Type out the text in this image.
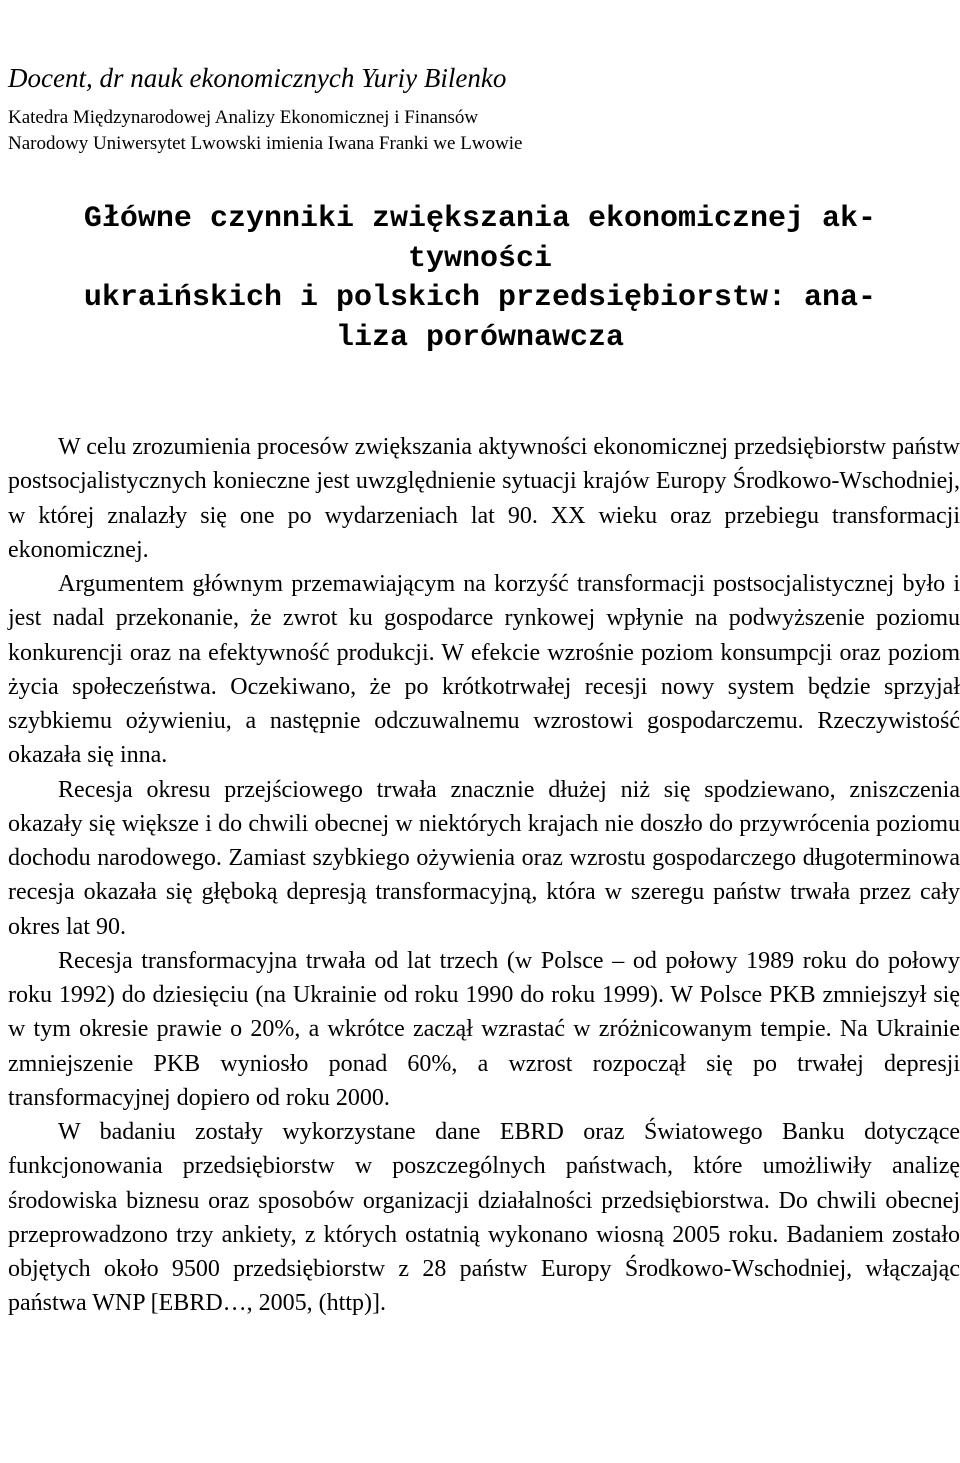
Docent, dr nauk ekonomicznych Yuriy Bilenko
Katedra Międzynarodowej Analizy Ekonomicznej i Finansów
Narodowy Uniwersytet Lwowski imienia Iwana Franki we Lwowie
Główne czynniki zwiększania ekonomicznej ak-
tywności
ukraińskich i polskich przedsiębiorstw: ana-
liza porównawcza

W celu zrozumienia procesów zwiększania aktywności ekonomicznej przedsiębiorstw państw postsocjalistycznych konieczne jest uwzględnienie sytuacji krajów Europy Środkowo-Wschodniej, w której znalazły się one po wydarzeniach lat 90. XX wieku oraz przebiegu transformacji ekonomicznej.

Argumentem głównym przemawiającym na korzyść transformacji postsocjalistycznej było i jest nadal przekonanie, że zwrot ku gospodarce rynkowej wpłynie na podwyższenie poziomu konkurencji oraz na efektywność produkcji. W efekcie wzrośnie poziom konsumpcji oraz poziom życia społeczeństwa. Oczekiwano, że po krótkotrwałej recesji nowy system będzie sprzyjał szybkiemu ożywieniu, a następnie odczuwalnemu wzrostowi gospodarczemu. Rzeczywistość okazała się inna.

Recesja okresu przejściowego trwała znacznie dłużej niż się spodziewano, zniszczenia okazały się większe i do chwili obecnej w niektórych krajach nie doszło do przywrócenia poziomu dochodu narodowego. Zamiast szybkiego ożywienia oraz wzrostu gospodarczego długoterminowa recesja okazała się głęboką depresją transformacyjną, która w szeregu państw trwała przez cały okres lat 90.

Recesja transformacyjna trwała od lat trzech (w Polsce – od połowy 1989 roku do połowy roku 1992) do dziesięciu (na Ukrainie od roku 1990 do roku 1999). W Polsce PKB zmniejszył się w tym okresie prawie o 20%, a wkrótce zaczął wzrastać w zróżnicowanym tempie. Na Ukrainie zmniejszenie PKB wyniosło ponad 60%, a wzrost rozpoczął się po trwałej depresji transformacyjnej dopiero od roku 2000.

W badaniu zostały wykorzystane dane EBRD oraz Światowego Banku dotyczące funkcjonowania przedsiębiorstw w poszczególnych państwach, które umożliwiły analizę środowiska biznesu oraz sposobów organizacji działalności przedsiębiorstwa. Do chwili obecnej przeprowadzono trzy ankiety, z których ostatnią wykonano wiosną 2005 roku. Badaniem zostało objętych około 9500 przedsiębiorstw z 28 państw Europy Środkowo-Wschodniej, włączając państwa WNP [EBRD…, 2005, (http)].
